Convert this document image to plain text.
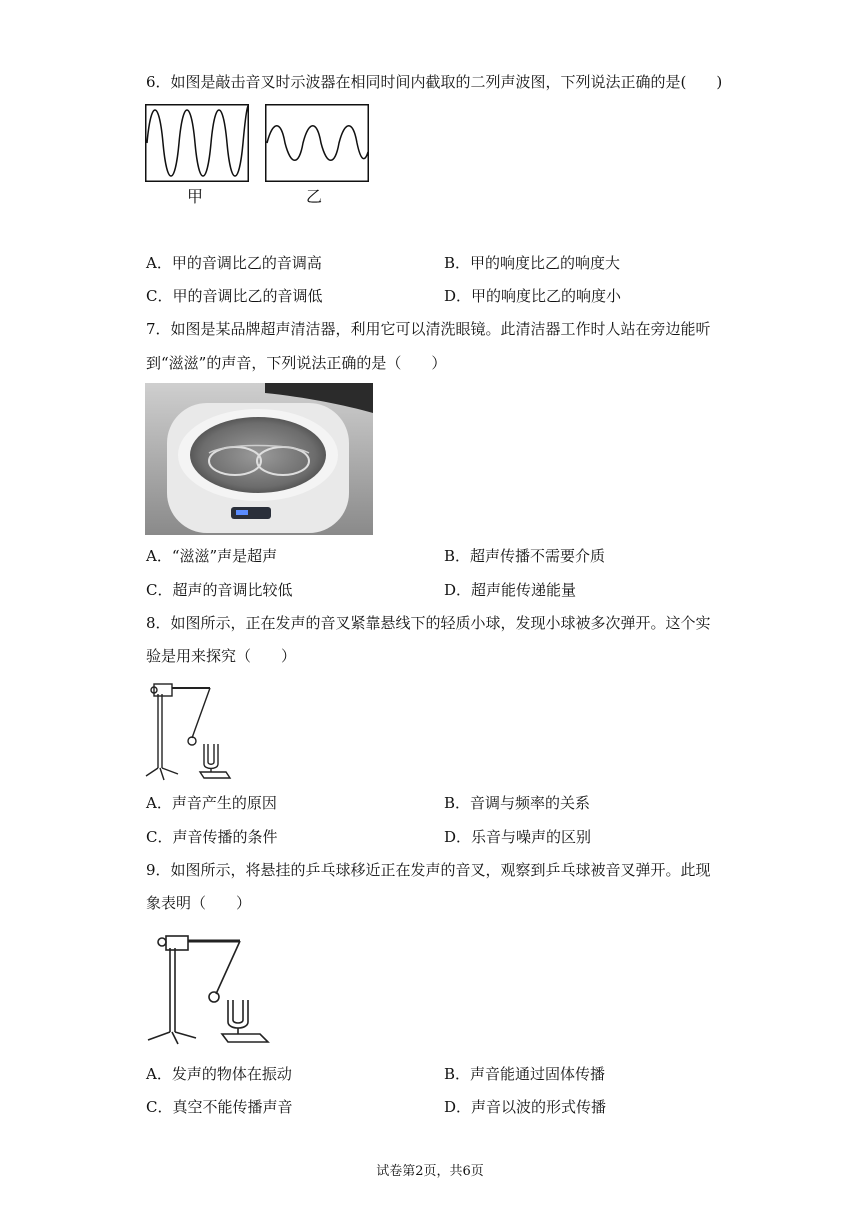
6．如图是敲击音叉时示波器在相同时间内截取的二列声波图，下列说法正确的是(　　)
甲	乙
A．甲的音调比乙的音调高	B．甲的响度比乙的响度大
C．甲的音调比乙的音调低	D．甲的响度比乙的响度小
7．如图是某品牌超声清洁器，利用它可以清洗眼镜。此清洁器工作时人站在旁边能听
到“滋滋”的声音，下列说法正确的是（　　）
A．“滋滋”声是超声	B．超声传播不需要介质
C．超声的音调比较低	D．超声能传递能量
8．如图所示，正在发声的音叉紧靠悬线下的轻质小球，发现小球被多次弹开。这个实
验是用来探究（　　）
A．声音产生的原因	B．音调与频率的关系
C．声音传播的条件	D．乐音与噪声的区别
9．如图所示，将悬挂的乒乓球移近正在发声的音叉，观察到乒乓球被音叉弹开。此现
象表明（　　）
A．发声的物体在振动	B．声音能通过固体传播
C．真空不能传播声音	D．声音以波的形式传播
试卷第2页，共6页
